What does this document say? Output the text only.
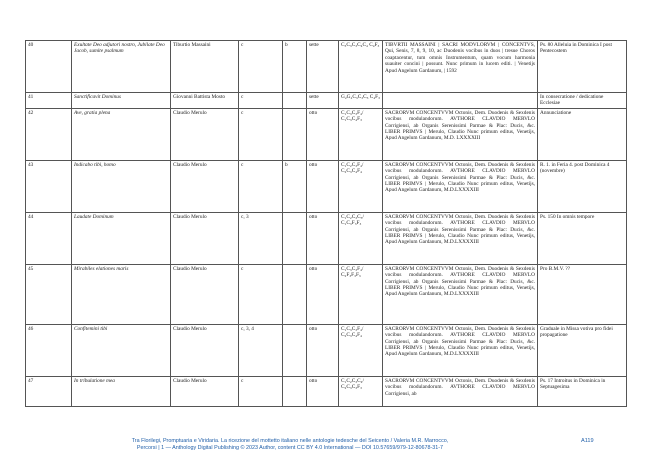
40	Exultate Deo adjutori nostro, Jubilate Deo Jacob, sumite psalmum	Tiburtio Massaini	c	b	sette	C₃C₃C₃C₄C₄ C₄F₃	TIBVRTII MASSAINI | SACRI MODVLORVM | CONCENTVS, Qui, Senis, 7, 8, 9, 10, ac Duodenis vocibus in duos | tresue Choros coaptacentur, tum omnis Instrumentum, quam vocum harmonia suauiter concini | possunt. Nunc primum in lucem editi. | Venetijs Apud Angelum Gardanum, | 1592	Ps. 80 Alleluia in Dominica I post Pentecostem
41	Sanctificavit Dominus	Giovanni Battista Mosto	c		sette	G₂G₂C₃C₃C₃ C₄F₃		In consecratione / dedicatione Ecclesiae
42	Ave, gratia plena	Claudio Merulo	c		otto	C₁C₃C₃F₄/ C₁C₃C₄F₃	SACRORVM CONCENTVVM Octonis, Dem. Duodenis & Sexdenis vocibus modulandorum. AVTHORE CLAVDIO MERVLO Corrigiensi, ab Organis Serenissimi Parmae & Plac: Ducis, &c. LIBER PRIMVS | Merulo, Claudio Nunc primum editus, Venetijs, Apud Angelum Gardanum, M.D. LXXXXIII	Annunciatione
43	Indicabo tibi, homo	Claudio Merulo	c	b	otto	C₁C₂C₃F₄/ C₂C₃C₄F₄	SACRORVM CONCENTVVM Octonis, Dem. Duodenis & Sexdenis vocibus modulandorum. AVTHORE CLAVDIO MERVLO Corrigiensi, ab Organis Serenissimi Parmae & Plac: Ducis, &c. LIBER PRIMVS | Merulo, Claudio Nunc primum editus, Venetijs, Apud Angelum Gardanum, M.D.LXXXXIII	R. 1. in Feria 4. post Dominica 4 (novembre)
44	Laudate Dominum	Claudio Merulo	c, 3		otto	C₁C₂C₃C₃/ C₁C₃F₃F₃	SACRORVM CONCENTVVM Octonis, Dem. Duodenis & Sexdenis vocibus modulandorum. AVTHORE CLAVDIO MERVLO Corrigiensi, ab Organis Serenissimi Parmae & Plac: Ducis, &c. LIBER PRIMVS | Merulo, Claudio Nunc primum editus, Venetijs, Apud Angelum Gardanum, M.D.LXXXXIII	Ps. 150 In omnis tempore
45	Mirabiles elationes maris	Claudio Merulo	c		otto	C₁C₃C₃F₄/ C₂F₃F₃F₃	SACRORVM CONCENTVVM Octonis, Dem. Duodenis & Sexdenis vocibus modulandorum. AVTHORE CLAVDIO MERVLO Corrigiensi, ab Organis Serenissimi Parmae & Plac: Ducis, &c. LIBER PRIMVS | Merulo, Claudio Nunc primum editus, Venetijs, Apud Angelum Gardanum, M.D.LXXXXIII	Pro B.M.V. ??
46	Confitemini tibi	Claudio Merulo	c, 3, 4		otto	C₁C₃C₃F₄/ C₂C₃C₄F₄	SACRORVM CONCENTVVM Octonis, Dem. Duodenis & Sexdenis vocibus modulandorum. AVTHORE CLAVDIO MERVLO Corrigiensi, ab Organis Serenissimi Parmae & Plac: Ducis, &c. LIBER PRIMVS | Merulo, Claudio Nunc primum editus, Venetijs, Apud Angelum Gardanum, M.D.LXXXXIII	Graduale in Missa votiva pro fidei propagatione
47	In tribulatione mea	Claudio Merulo	c		otto	C₁C₂C₃C₄/ C₂C₃C₃F₃	SACRORVM CONCENTVVM Octonis, Dem. Duodenis & Sexdenis vocibus modulandorum. AVTHORE CLAVDIO MERVLO Corrigiensi, ab	Ps. 17 Introitus in Dominica in Septuagesima
Tra Florilegi, Promptuaria e Viridaria. La ricezione del mottetto italiano nelle antologie tedesche del Seicento / Valeria M.R. Marrocco,
Percorsi | 1 — Anthology Digital Publishing © 2023 Author, content CC BY 4.0 International — DOI 10.57659/979-12-80678-31-7
A119
